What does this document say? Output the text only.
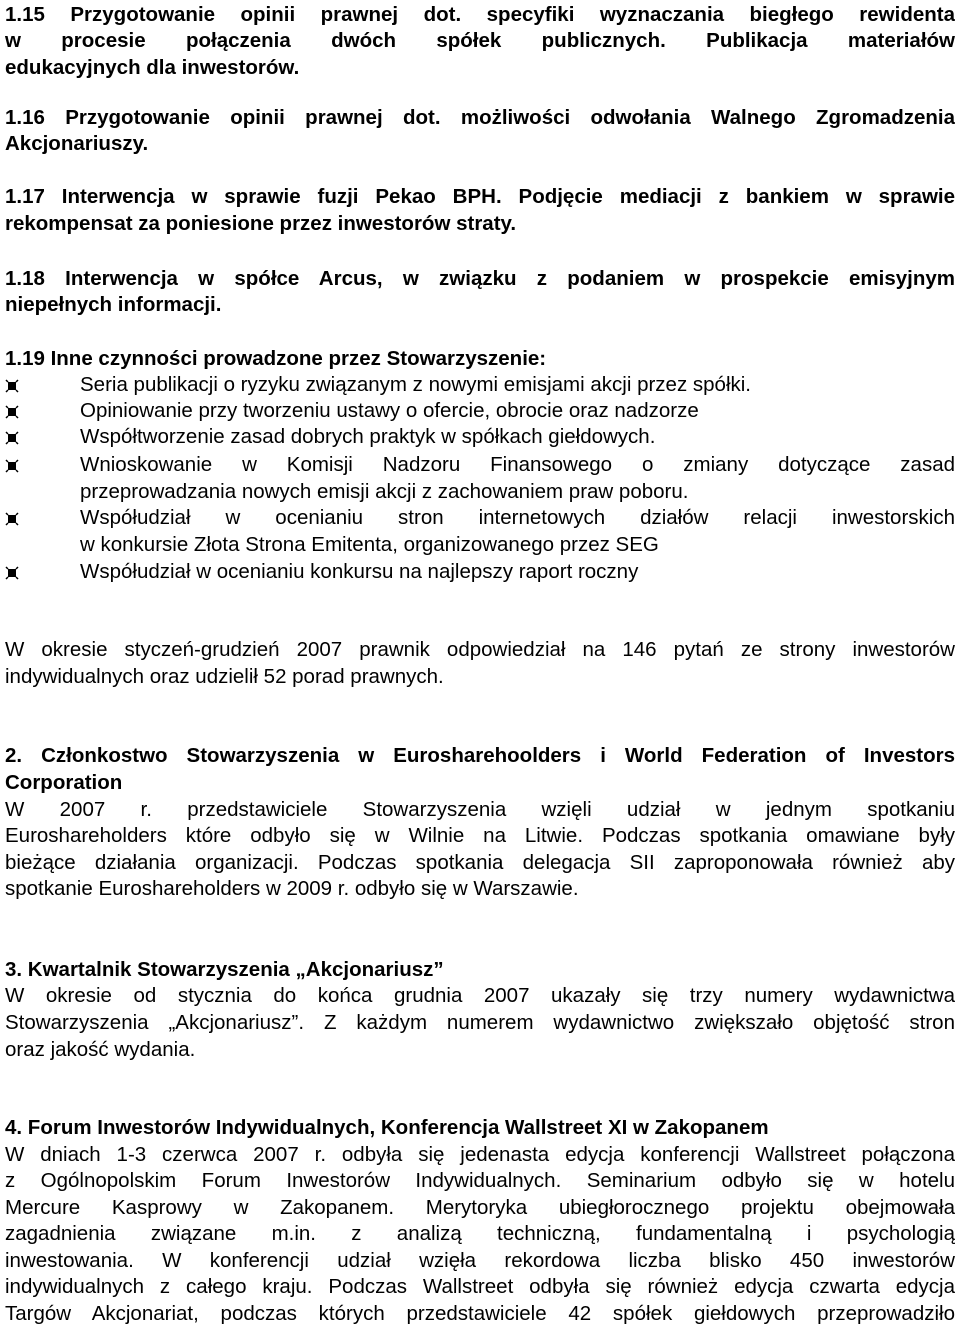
1.15 Przygotowanie opinii prawnej dot. specyfiki wyznaczania biegłego rewidenta

w procesie połączenia dwóch spółek publicznych. Publikacja materiałów

edukacyjnych dla inwestorów.

1.16 Przygotowanie opinii prawnej dot. możliwości odwołania Walnego Zgromadzenia

Akcjonariuszy.

1.17 Interwencja w sprawie fuzji Pekao BPH. Podjęcie mediacji z bankiem w sprawie

rekompensat za poniesione przez inwestorów straty.

1.18 Interwencja w spółce Arcus, w związku z podaniem w prospekcie emisyjnym

niepełnych informacji.

1.19 Inne czynności prowadzone przez Stowarzyszenie:

Seria publikacji o ryzyku związanym z nowymi emisjami akcji przez spółki.

Opiniowanie przy tworzeniu ustawy o ofercie, obrocie oraz nadzorze

Współtworzenie zasad dobrych praktyk w spółkach giełdowych.

Wnioskowanie w Komisji Nadzoru Finansowego o zmiany dotyczące zasad

przeprowadzania nowych emisji akcji z zachowaniem praw poboru.

Współudział w ocenianiu stron internetowych działów relacji inwestorskich

w konkursie Złota Strona Emitenta, organizowanego przez SEG

Współudział w ocenianiu konkursu na najlepszy raport roczny

W okresie styczeń-grudzień 2007 prawnik odpowiedział na 146 pytań ze strony inwestorów

indywidualnych oraz udzielił 52 porad prawnych.

2. Członkostwo Stowarzyszenia w Eurosharehoolders i World Federation of Investors

Corporation

W 2007 r. przedstawiciele Stowarzyszenia wzięli udział w jednym spotkaniu

Euroshareholders które odbyło się w Wilnie na Litwie. Podczas spotkania omawiane były

bieżące działania organizacji. Podczas spotkania delegacja SII zaproponowała również aby

spotkanie Euroshareholders w 2009 r. odbyło się w Warszawie.

3. Kwartalnik Stowarzyszenia „Akcjonariusz”

W okresie od stycznia do końca grudnia 2007 ukazały się trzy numery wydawnictwa

Stowarzyszenia „Akcjonariusz”. Z każdym numerem wydawnictwo zwiększało objętość stron

oraz jakość wydania.

4. Forum Inwestorów Indywidualnych, Konferencja Wallstreet XI w Zakopanem

W dniach 1-3 czerwca 2007 r. odbyła się jedenasta edycja konferencji Wallstreet połączona

z Ogólnopolskim Forum Inwestorów Indywidualnych. Seminarium odbyło się w hotelu

Mercure Kasprowy w Zakopanem. Merytoryka ubiegłorocznego projektu obejmowała

zagadnienia związane m.in. z analizą techniczną, fundamentalną i psychologią

inwestowania. W konferencji udział wzięła rekordowa liczba blisko 450 inwestorów

indywidualnych z całego kraju. Podczas Wallstreet odbyła się również edycja czwarta edycja

Targów Akcjonariat, podczas których przedstawiciele 42 spółek giełdowych przeprowadziło
